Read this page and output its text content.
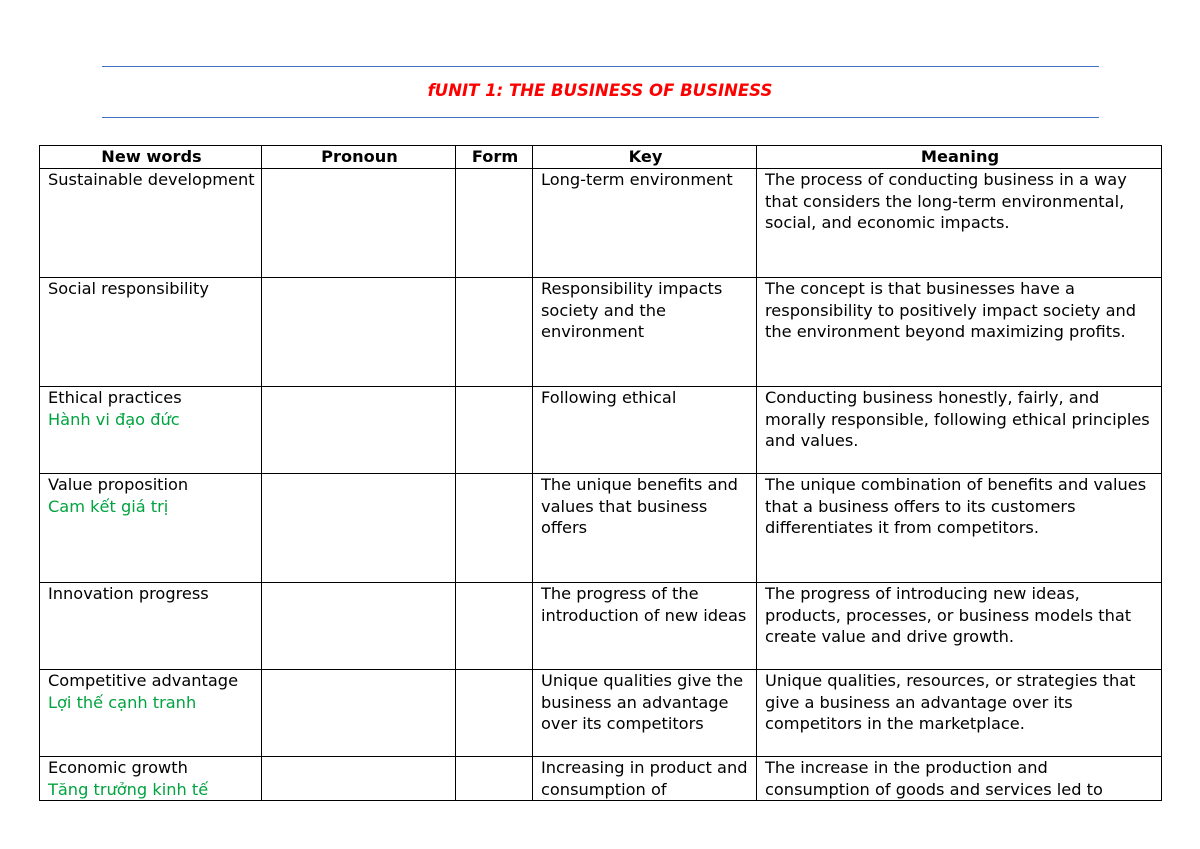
fUNIT 1: THE BUSINESS OF BUSINESS
New words	Pronoun	Form	Key	Meaning

Sustainable development			Long-term environment	The process of conducting business in a way that considers the long-term environmental, social, and economic impacts.

Social responsibility			Responsibility impacts society and the environment	The concept is that businesses have a responsibility to positively impact society and the environment beyond maximizing profits.

Ethical practices
Hành vi đạo đức			Following ethical	Conducting business honestly, fairly, and morally responsible, following ethical principles and values.

Value proposition
Cam kết giá trị			The unique benefits and values that business offers	The unique combination of benefits and values that a business offers to its customers differentiates it from competitors.

Innovation progress			The progress of the introduction of new ideas	The progress of introducing new ideas, products, processes, or business models that create value and drive growth.

Competitive advantage
Lợi thế cạnh tranh			Unique qualities give the business an advantage over its competitors	Unique qualities, resources, or strategies that give a business an advantage over its competitors in the marketplace.

Economic growth
Tăng trưởng kinh tế			Increasing in product and consumption of	The increase in the production and consumption of goods and services led to
